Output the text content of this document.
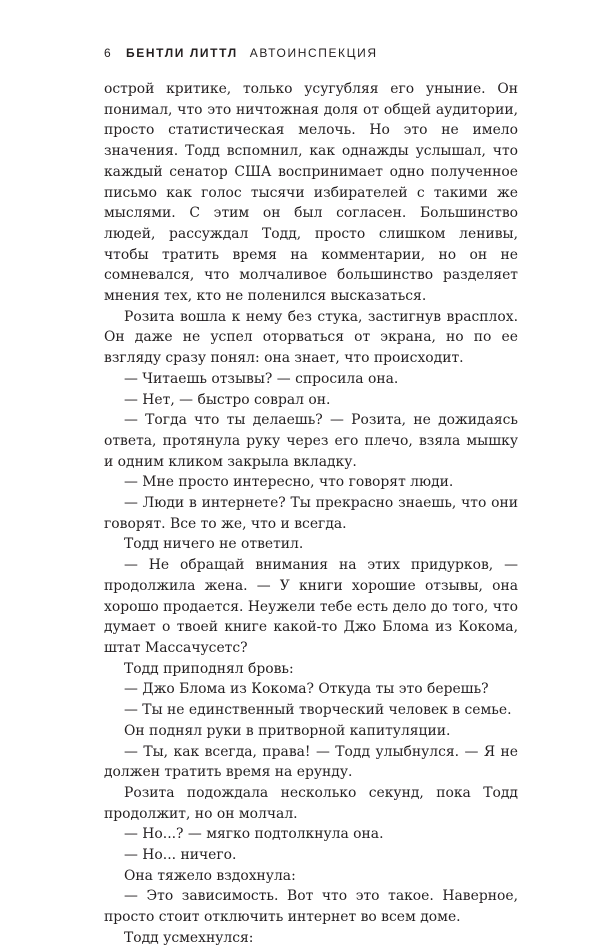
6 БЕНТЛИ ЛИТТЛ АВТОИНСПЕКЦИЯ

острой критике, только усугубляя его уныние. Он понимал, что это ничтожная доля от общей аудитории, просто статистическая мелочь. Но это не имело значения. Тодд вспомнил, как однажды услышал, что каждый сенатор США воспринимает одно полученное письмо как голос тысячи избирателей с такими же мыслями. С этим он был согласен. Большинство людей, рассуждал Тодд, просто слишком ленивы, чтобы тратить время на комментарии, но он не сомневался, что молчаливое большинство разделяет мнения тех, кто не поленился высказаться.

Розита вошла к нему без стука, застигнув врасплох. Он даже не успел оторваться от экрана, но по ее взгляду сразу понял: она знает, что происходит.

— Читаешь отзывы? — спросила она.

— Нет, — быстро соврал он.

— Тогда что ты делаешь? — Розита, не дожидаясь ответа, протянула руку через его плечо, взяла мышку и одним кликом закрыла вкладку.

— Мне просто интересно, что говорят люди.

— Люди в интернете? Ты прекрасно знаешь, что они говорят. Все то же, что и всегда.

Тодд ничего не ответил.

— Не обращай внимания на этих придурков, — продолжила жена. — У книги хорошие отзывы, она хорошо продается. Неужели тебе есть дело до того, что думает о твоей книге какой-то Джо Блома из Кокома, штат Массачусетс?

Тодд приподнял бровь:

— Джо Блома из Кокома? Откуда ты это берешь?

— Ты не единственный творческий человек в семье.

Он поднял руки в притворной капитуляции.

— Ты, как всегда, права! — Тодд улыбнулся. — Я не должен тратить время на ерунду.

Розита подождала несколько секунд, пока Тодд продолжит, но он молчал.

— Но...? — мягко подтолкнула она.

— Но... ничего.

Она тяжело вздохнула:

— Это зависимость. Вот что это такое. Наверное, просто стоит отключить интернет во всем доме.

Тодд усмехнулся:
